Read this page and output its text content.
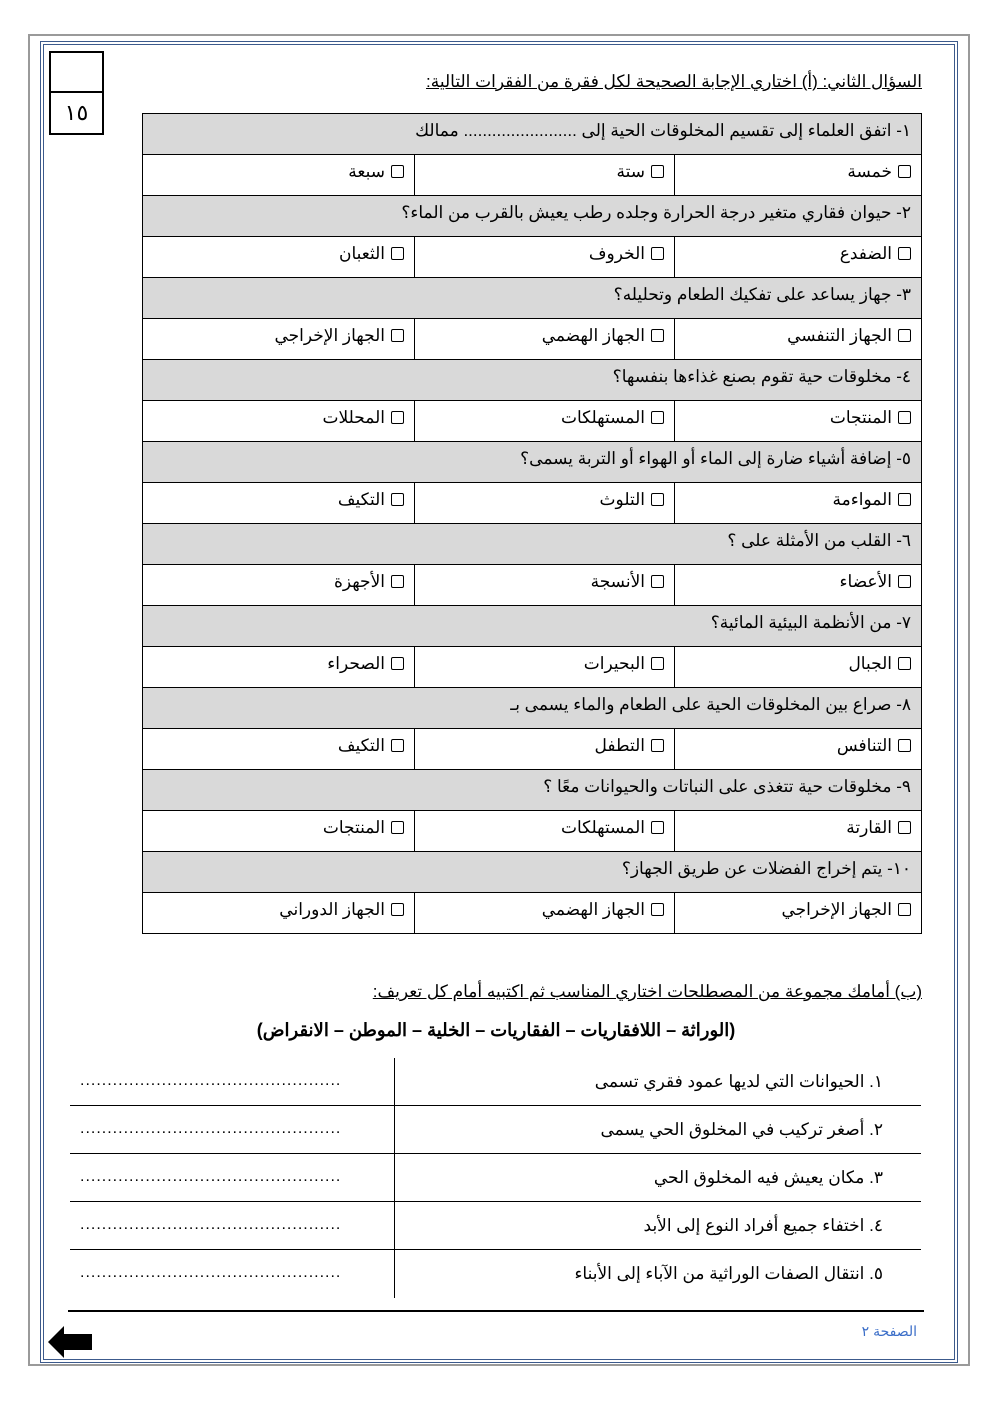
١٥
السؤال الثاني: (أ) اختاري الإجابة الصحيحة لكل فقرة من الفقرات التالية:
١- اتفق العلماء إلى تقسيم المخلوقات الحية إلى ........................ ممالك		
خمسة	ستة	سبعة
٢- حيوان فقاري متغير درجة الحرارة وجلده رطب يعيش بالقرب من الماء؟		
الضفدع	الخروف	الثعبان
٣- جهاز يساعد على تفكيك الطعام وتحليله؟		
الجهاز التنفسي	الجهاز الهضمي	الجهاز الإخراجي
٤- مخلوقات حية تقوم بصنع غذاءها بنفسها؟		
المنتجات	المستهلكات	المحللات
٥- إضافة أشياء ضارة إلى الماء أو الهواء أو التربة يسمى؟		
المواءمة	التلوث	التكيف
٦- القلب من الأمثلة على ؟		
الأعضاء	الأنسجة	الأجهزة
٧- من الأنظمة البيئية المائية؟		
الجبال	البحيرات	الصحراء
٨- صراع بين المخلوقات الحية على الطعام والماء يسمى بـ		
التنافس	التطفل	التكيف
٩- مخلوقات حية تتغذى على النباتات والحيوانات معًا ؟		
القارتة	المستهلكات	المنتجات
١٠- يتم إخراج الفضلات عن طريق الجهاز؟		
الجهاز الإخراجي	الجهاز الهضمي	الجهاز الدوراني
(ب) أمامك مجموعة من المصطلحات اختاري المناسب ثم اكتبيه أمام كل تعريف:
(الوراثة – اللافقاريات – الفقاريات – الخلية – الموطن – الانقراض)
١. الحيوانات التي لديها عمود فقري تسمى
................................................
٢. أصغر تركيب في المخلوق الحي يسمى
................................................
٣. مكان يعيش فيه المخلوق الحي
................................................
٤. اختفاء جميع أفراد النوع إلى الأبد
................................................
٥. انتقال الصفات الوراثية من الآباء إلى الأبناء
................................................
الصفحة ٢
